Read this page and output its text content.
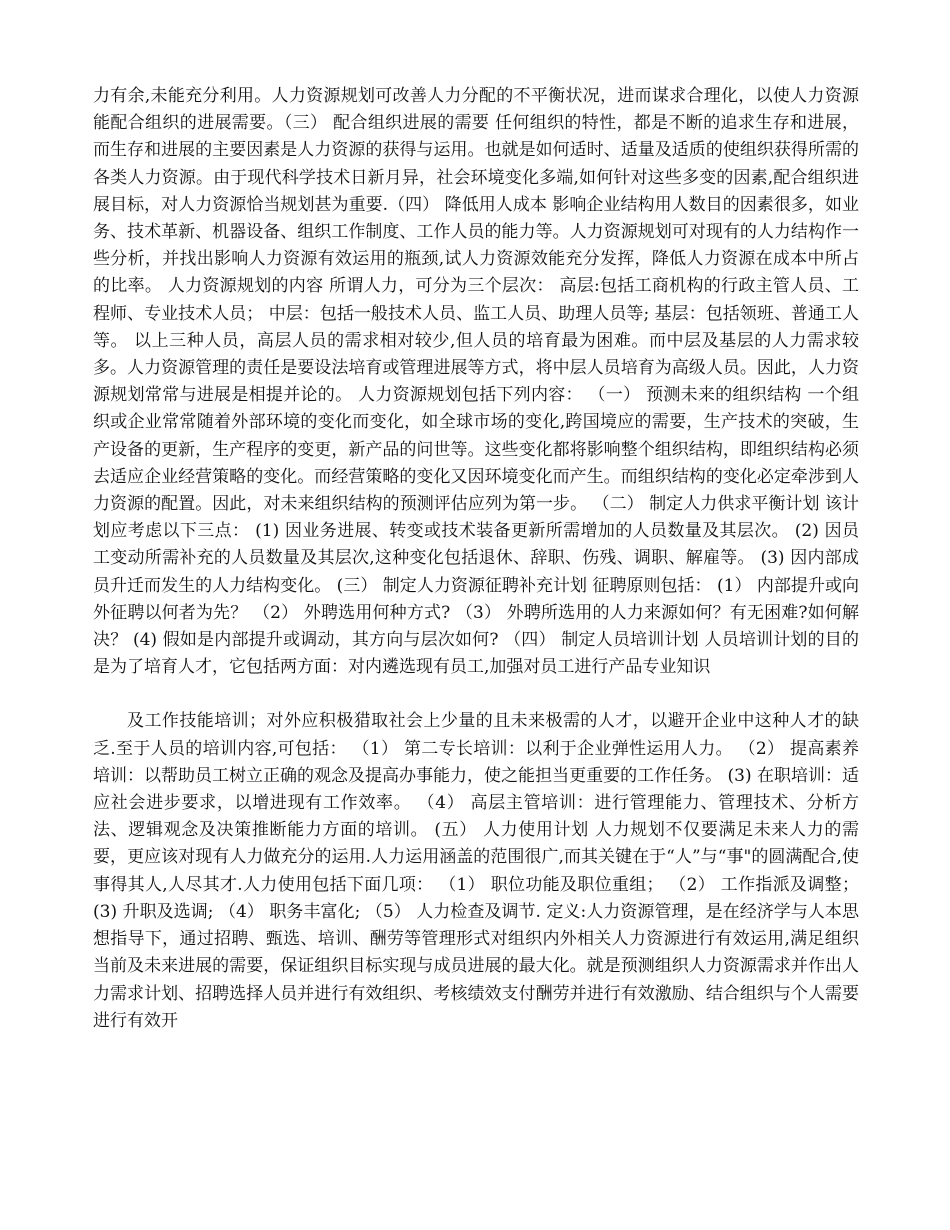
力有余,未能充分利用。人力资源规划可改善人力分配的不平衡状况，进而谋求合理化，以使人力资源能配合组织的进展需要。（三） 配合组织进展的需要 任何组织的特性，都是不断的追求生存和进展，而生存和进展的主要因素是人力资源的获得与运用。也就是如何适时、适量及适质的使组织获得所需的各类人力资源。由于现代科学技术日新月异，社会环境变化多端,如何针对这些多变的因素,配合组织进展目标，对人力资源恰当规划甚为重要.（四） 降低用人成本 影响企业结构用人数目的因素很多，如业务、技术革新、机器设备、组织工作制度、工作人员的能力等。人力资源规划可对现有的人力结构作一些分析，并找出影响人力资源有效运用的瓶颈,试人力资源效能充分发挥，降低人力资源在成本中所占的比率。 人力资源规划的内容 所谓人力，可分为三个层次： 高层:包括工商机构的行政主管人员、工程师、专业技术人员； 中层：包括一般技术人员、监工人员、助理人员等; 基层：包括领班、普通工人等。 以上三种人员，高层人员的需求相对较少,但人员的培育最为困难。而中层及基层的人力需求较多。人力资源管理的责任是要设法培育或管理进展等方式，将中层人员培育为高级人员。因此，人力资源规划常常与进展是相提并论的。 人力资源规划包括下列内容： （一） 预测未来的组织结构 一个组织或企业常常随着外部环境的变化而变化，如全球市场的变化,跨国境应的需要，生产技术的突破，生产设备的更新，生产程序的变更，新产品的问世等。这些变化都将影响整个组织结构，即组织结构必须去适应企业经营策略的变化。而经营策略的变化又因环境变化而产生。而组织结构的变化必定牵涉到人力资源的配置。因此，对未来组织结构的预测评估应列为第一步。 （二） 制定人力供求平衡计划 该计划应考虑以下三点： (1) 因业务进展、转变或技术装备更新所需增加的人员数量及其层次。 (2) 因员工变动所需补充的人员数量及其层次,这种变化包括退休、辞职、伤残、调职、解雇等。 (3) 因内部成员升迁而发生的人力结构变化。 (三） 制定人力资源征聘补充计划 征聘原则包括： (1） 内部提升或向外征聘以何者为先？ （2） 外聘选用何种方式? （3） 外聘所选用的人力来源如何？有无困难?如何解决？ (4) 假如是内部提升或调动，其方向与层次如何? （四） 制定人员培训计划 人员培训计划的目的是为了培育人才，它包括两方面：对内遴选现有员工,加强对员工进行产品专业知识

及工作技能培训；对外应积极猎取社会上少量的且未来极需的人才，以避开企业中这种人才的缺乏.至于人员的培训内容,可包括： （1） 第二专长培训：以利于企业弹性运用人力。 （2） 提高素养培训：以帮助员工树立正确的观念及提高办事能力，使之能担当更重要的工作任务。 (3) 在职培训：适应社会进步要求，以增进现有工作效率。 （4） 高层主管培训：进行管理能力、管理技术、分析方法、逻辑观念及决策推断能力方面的培训。 (五） 人力使用计划 人力规划不仅要满足未来人力的需要，更应该对现有人力做充分的运用.人力运用涵盖的范围很广,而其关键在于“人”与“事"的圆满配合,使事得其人,人尽其才.人力使用包括下面几项： （1） 职位功能及职位重组； （2） 工作指派及调整； (3) 升职及选调; （4） 职务丰富化; （5） 人力检查及调节. 定义:人力资源管理，是在经济学与人本思想指导下，通过招聘、甄选、培训、酬劳等管理形式对组织内外相关人力资源进行有效运用,满足组织当前及未来进展的需要，保证组织目标实现与成员进展的最大化。就是预测组织人力资源需求并作出人力需求计划、招聘选择人员并进行有效组织、考核绩效支付酬劳并进行有效激励、结合组织与个人需要进行有效开
